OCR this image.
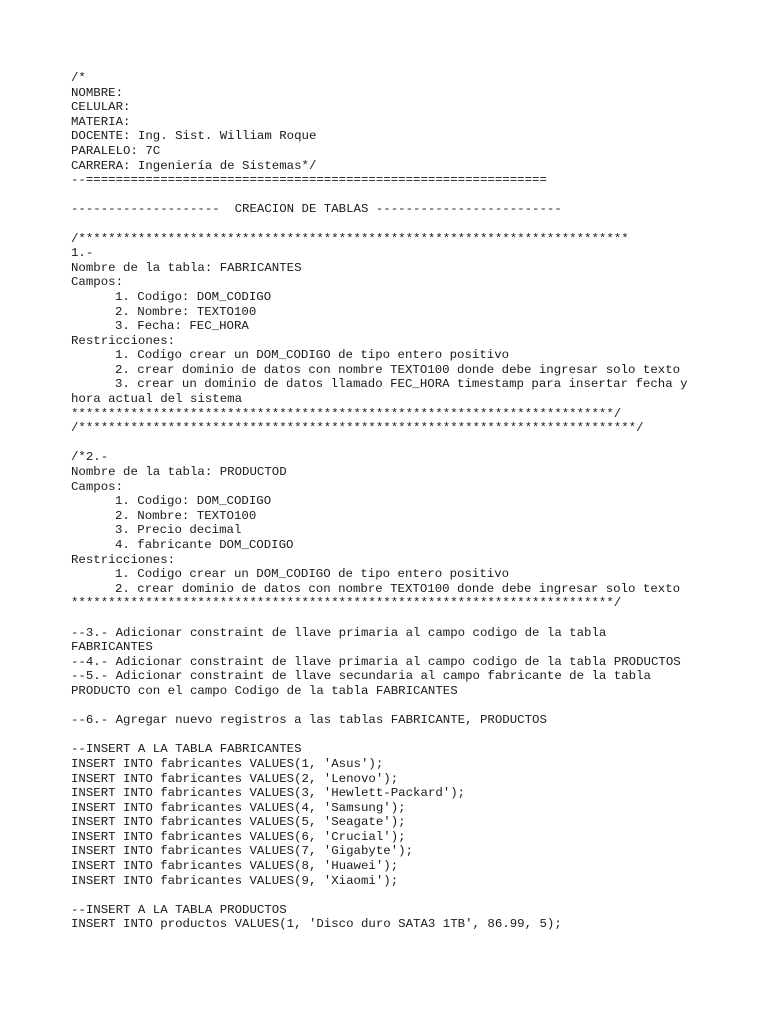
/*
NOMBRE:
CELULAR:
MATERIA:
DOCENTE: Ing. Sist. William Roque
PARALELO: 7C
CARRERA: Ingeniería de Sistemas*/
--==============================================================
--------------------  CREACION DE TABLAS -------------------------
/**************************************************************************
1.-
Nombre de la tabla: FABRICANTES
Campos:
1. Codigo: DOM_CODIGO
2. Nombre: TEXTO100
3. Fecha: FEC_HORA
Restricciones:
1. Codigo crear un DOM_CODIGO de tipo entero positivo
2. crear dominio de datos con nombre TEXTO100 donde debe ingresar solo texto
3. crear un dominio de datos llamado FEC_HORA timestamp para insertar fecha y
hora actual del sistema
*************************************************************************/
/***************************************************************************/
/*2.-
Nombre de la tabla: PRODUCTOD
Campos:
1. Codigo: DOM_CODIGO
2. Nombre: TEXTO100
3. Precio decimal
4. fabricante DOM_CODIGO
Restricciones:
1. Codigo crear un DOM_CODIGO de tipo entero positivo
2. crear dominio de datos con nombre TEXTO100 donde debe ingresar solo texto
*************************************************************************/
--3.- Adicionar constraint de llave primaria al campo codigo de la tabla
FABRICANTES
--4.- Adicionar constraint de llave primaria al campo codigo de la tabla PRODUCTOS
--5.- Adicionar constraint de llave secundaria al campo fabricante de la tabla
PRODUCTO con el campo Codigo de la tabla FABRICANTES
--6.- Agregar nuevo registros a las tablas FABRICANTE, PRODUCTOS
--INSERT A LA TABLA FABRICANTES
INSERT INTO fabricantes VALUES(1, 'Asus');
INSERT INTO fabricantes VALUES(2, 'Lenovo');
INSERT INTO fabricantes VALUES(3, 'Hewlett-Packard');
INSERT INTO fabricantes VALUES(4, 'Samsung');
INSERT INTO fabricantes VALUES(5, 'Seagate');
INSERT INTO fabricantes VALUES(6, 'Crucial');
INSERT INTO fabricantes VALUES(7, 'Gigabyte');
INSERT INTO fabricantes VALUES(8, 'Huawei');
INSERT INTO fabricantes VALUES(9, 'Xiaomi');
--INSERT A LA TABLA PRODUCTOS
INSERT INTO productos VALUES(1, 'Disco duro SATA3 1TB', 86.99, 5);
